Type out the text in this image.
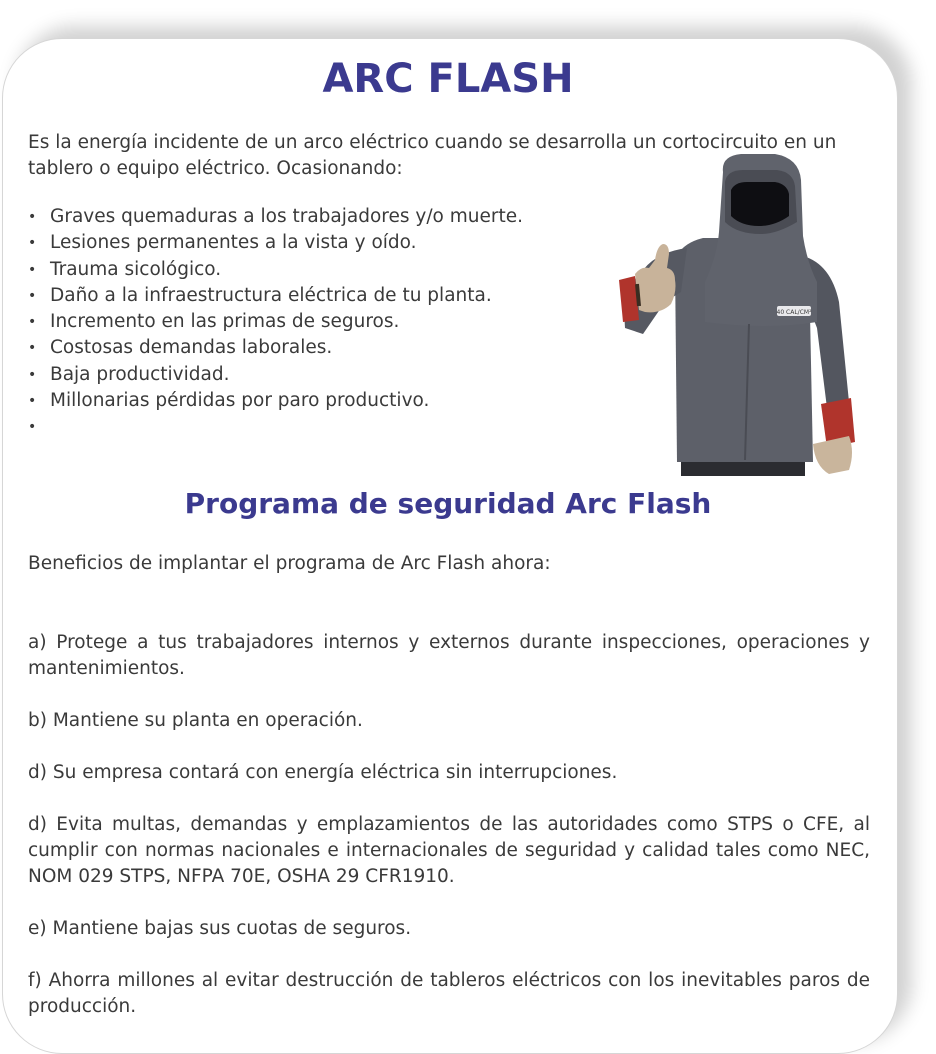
ARC FLASH

Es la energía incidente de un arco eléctrico cuando se desarrolla un cortocircuito en un tablero o equipo eléctrico. Ocasionando:

• Graves quemaduras a los trabajadores y/o muerte.
• Lesiones permanentes a la vista y oído.
• Trauma sicológico.
• Daño a la infraestructura eléctrica de tu planta.
• Incremento en las primas de seguros.
• Costosas demandas laborales.
• Baja productividad.
• Millonarias pérdidas por paro productivo.
•
40 CAL/CM²
Programa de seguridad Arc Flash

Beneficios de implantar el programa de Arc Flash ahora:

a) Protege a tus trabajadores internos y externos durante inspecciones, operaciones y mantenimientos.

b) Mantiene su planta en operación.

d) Su empresa contará con energía eléctrica sin interrupciones.

d) Evita multas, demandas y emplazamientos de las autoridades como STPS o CFE, al cumplir con normas nacionales e internacionales de seguridad y calidad tales como NEC, NOM 029 STPS, NFPA 70E, OSHA 29 CFR1910.

e) Mantiene bajas sus cuotas de seguros.

f) Ahorra millones al evitar destrucción de tableros eléctricos con los inevitables paros de producción.
